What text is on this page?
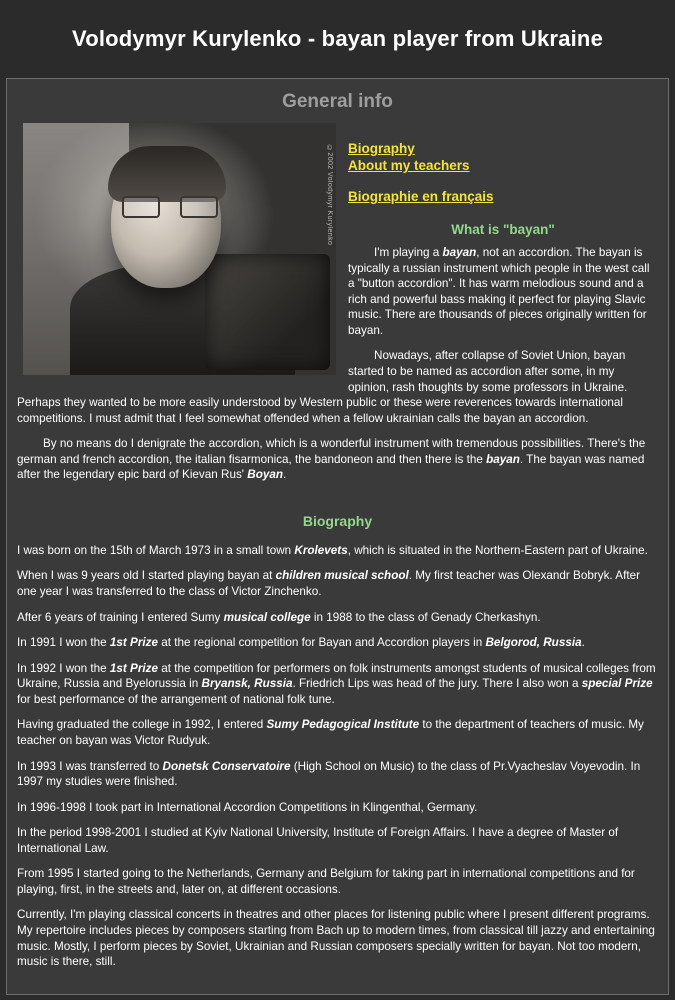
Volodymyr Kurylenko - bayan player from Ukraine
General info
©2002 Volodymyr Kurylenko	Biography
About my teachers
Biographie en français
What is "bayan"

I'm playing a bayan, not an accordion. The bayan is typically a russian instrument which people in the west call a "button accordion". It has warm melodious sound and a rich and powerful bass making it perfect for playing Slavic music. There are thousands of pieces originally written for bayan.

Nowadays, after collapse of Soviet Union, bayan started to be named as accordion after some, in my opinion, rash thoughts by some professors in Ukraine. Perhaps they wanted to be more easily understood by Western public or these were reverences towards international competitions. I must admit that I feel somewhat offended when a fellow ukrainian calls the bayan an accordion.

By no means do I denigrate the accordion, which is a wonderful instrument with tremendous possibilities. There's the german and french accordion, the italian fisarmonica, the bandoneon and then there is the bayan. The bayan was named after the legendary epic bard of Kievan Rus' Boyan.

Biography

I was born on the 15th of March 1973 in a small town Krolevets, which is situated in the Northern-Eastern part of Ukraine.

When I was 9 years old I started playing bayan at children musical school. My first teacher was Olexandr Bobryk. After one year I was transferred to the class of Victor Zinchenko.

After 6 years of training I entered Sumy musical college in 1988 to the class of Genady Cherkashyn.

In 1991 I won the 1st Prize at the regional competition for Bayan and Accordion players in Belgorod, Russia.

In 1992 I won the 1st Prize at the competition for performers on folk instruments amongst students of musical colleges from Ukraine, Russia and Byelorussia in Bryansk, Russia. Friedrich Lips was head of the jury. There I also won a special Prize for best performance of the arrangement of national folk tune.

Having graduated the college in 1992, I entered Sumy Pedagogical Institute to the department of teachers of music. My teacher on bayan was Victor Rudyuk.

In 1993 I was transferred to Donetsk Conservatoire (High School on Music) to the class of Pr.Vyacheslav Voyevodin. In 1997 my studies were finished.

In 1996-1998 I took part in International Accordion Competitions in Klingenthal, Germany.

In the period 1998-2001 I studied at Kyiv National University, Institute of Foreign Affairs. I have a degree of Master of International Law.

From 1995 I started going to the Netherlands, Germany and Belgium for taking part in international competitions and for playing, first, in the streets and, later on, at different occasions.

Currently, I'm playing classical concerts in theatres and other places for listening public where I present different programs. My repertoire includes pieces by composers starting from Bach up to modern times, from classical till jazzy and entertaining music. Mostly, I perform pieces by Soviet, Ukrainian and Russian composers specially written for bayan. Not too modern, music is there, still.
